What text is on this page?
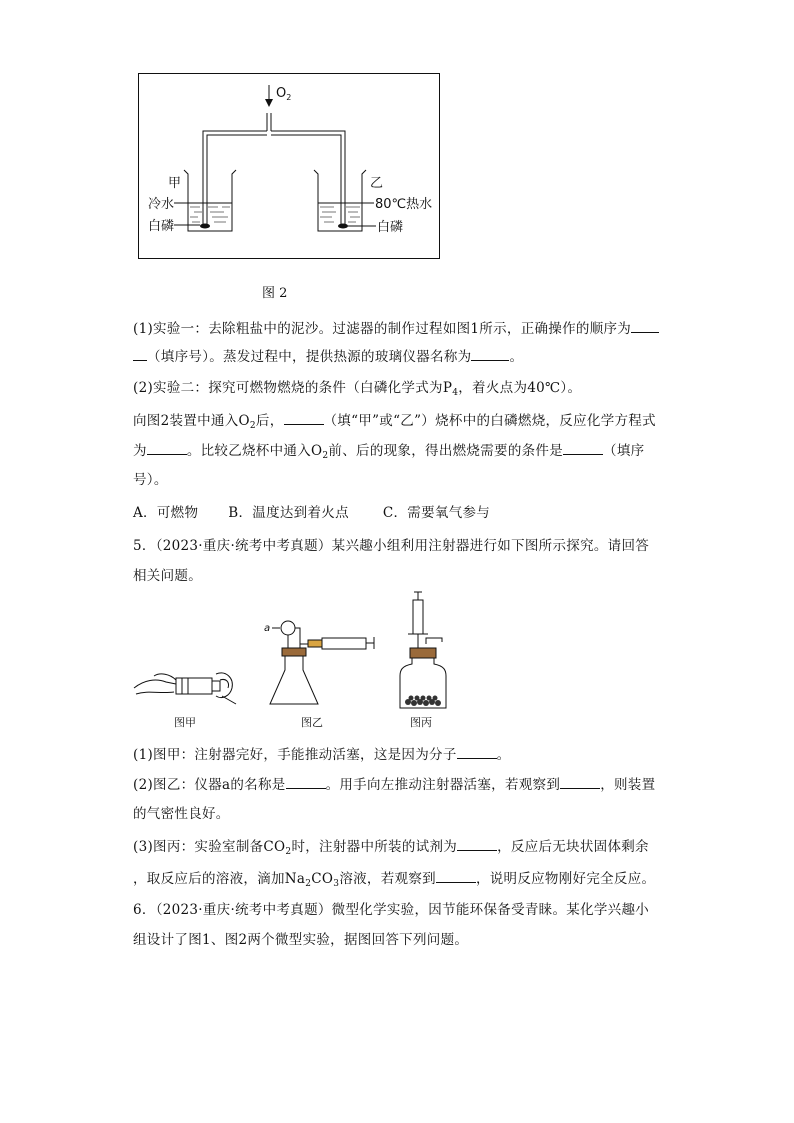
$O_2$
甲
冷水
白磷
乙
80℃热水
白磷
图 2
(1)实验一：去除粗盐中的泥沙。过滤器的制作过程如图1所示，正确操作的顺序为
（填序号）。蒸发过程中，提供热源的玻璃仪器名称为	。
(2)实验二：探究可燃物燃烧的条件（白磷化学式为$P_4$，着火点为40℃）。
向图2装置中通入$O_2$后，	（填“甲”或“乙”）烧杯中的白磷燃烧，反应化学方程式
为	。比较乙烧杯中通入$O_2$前、后的现象，得出燃烧需要的条件是	（填序
号）。
A．可燃物 B．温度达到着火点	C．需要氧气参与
5．（2023·重庆·统考中考真题）某兴趣小组利用注射器进行如下图所示探究。请回答
相关问题。
a
图甲	图乙	图丙
(1)图甲：注射器完好，手能推动活塞，这是因为分子	。
(2)图乙：仪器a的名称是	。用手向左推动注射器活塞，若观察到	，则装置
的气密性良好。
(3)图丙：实验室制备$CO_2$时，注射器中所装的试剂为	，反应后无块状固体剩余
，取反应后的溶液，滴加$Na_2CO_3$溶液，若观察到	，说明反应物刚好完全反应。
6．（2023·重庆·统考中考真题）微型化学实验，因节能环保备受青睐。某化学兴趣小
组设计了图1、图2两个微型实验，据图回答下列问题。
